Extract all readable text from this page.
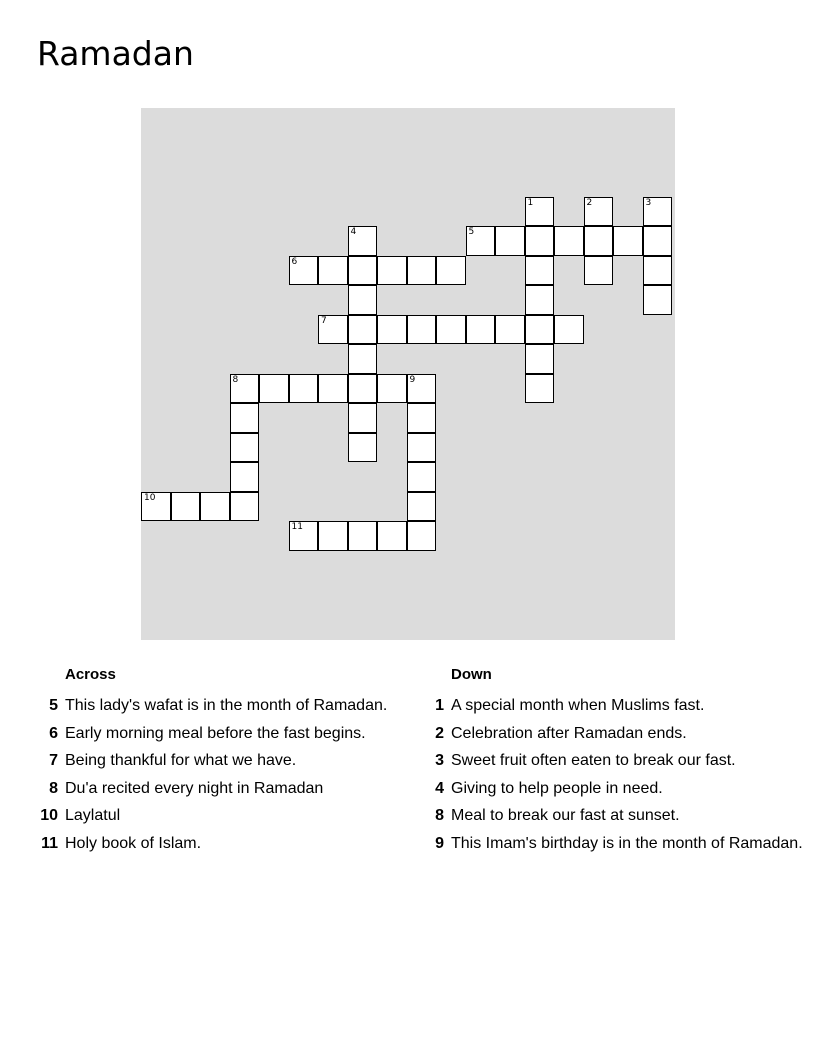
Ramadan
1	2	3
4	5
6
7
8	9
10
11
Across	Down
5 This lady's wafat is in the month of Ramadan.
6 Early morning meal before the fast begins.
7 Being thankful for what we have.
8 Du'a recited every night in Ramadan
10 Laylatul
11 Holy book of Islam.
1 A special month when Muslims fast.
2 Celebration after Ramadan ends.
3 Sweet fruit often eaten to break our fast.
4 Giving to help people in need.
8 Meal to break our fast at sunset.
9 This Imam's birthday is in the month of Ramadan.
